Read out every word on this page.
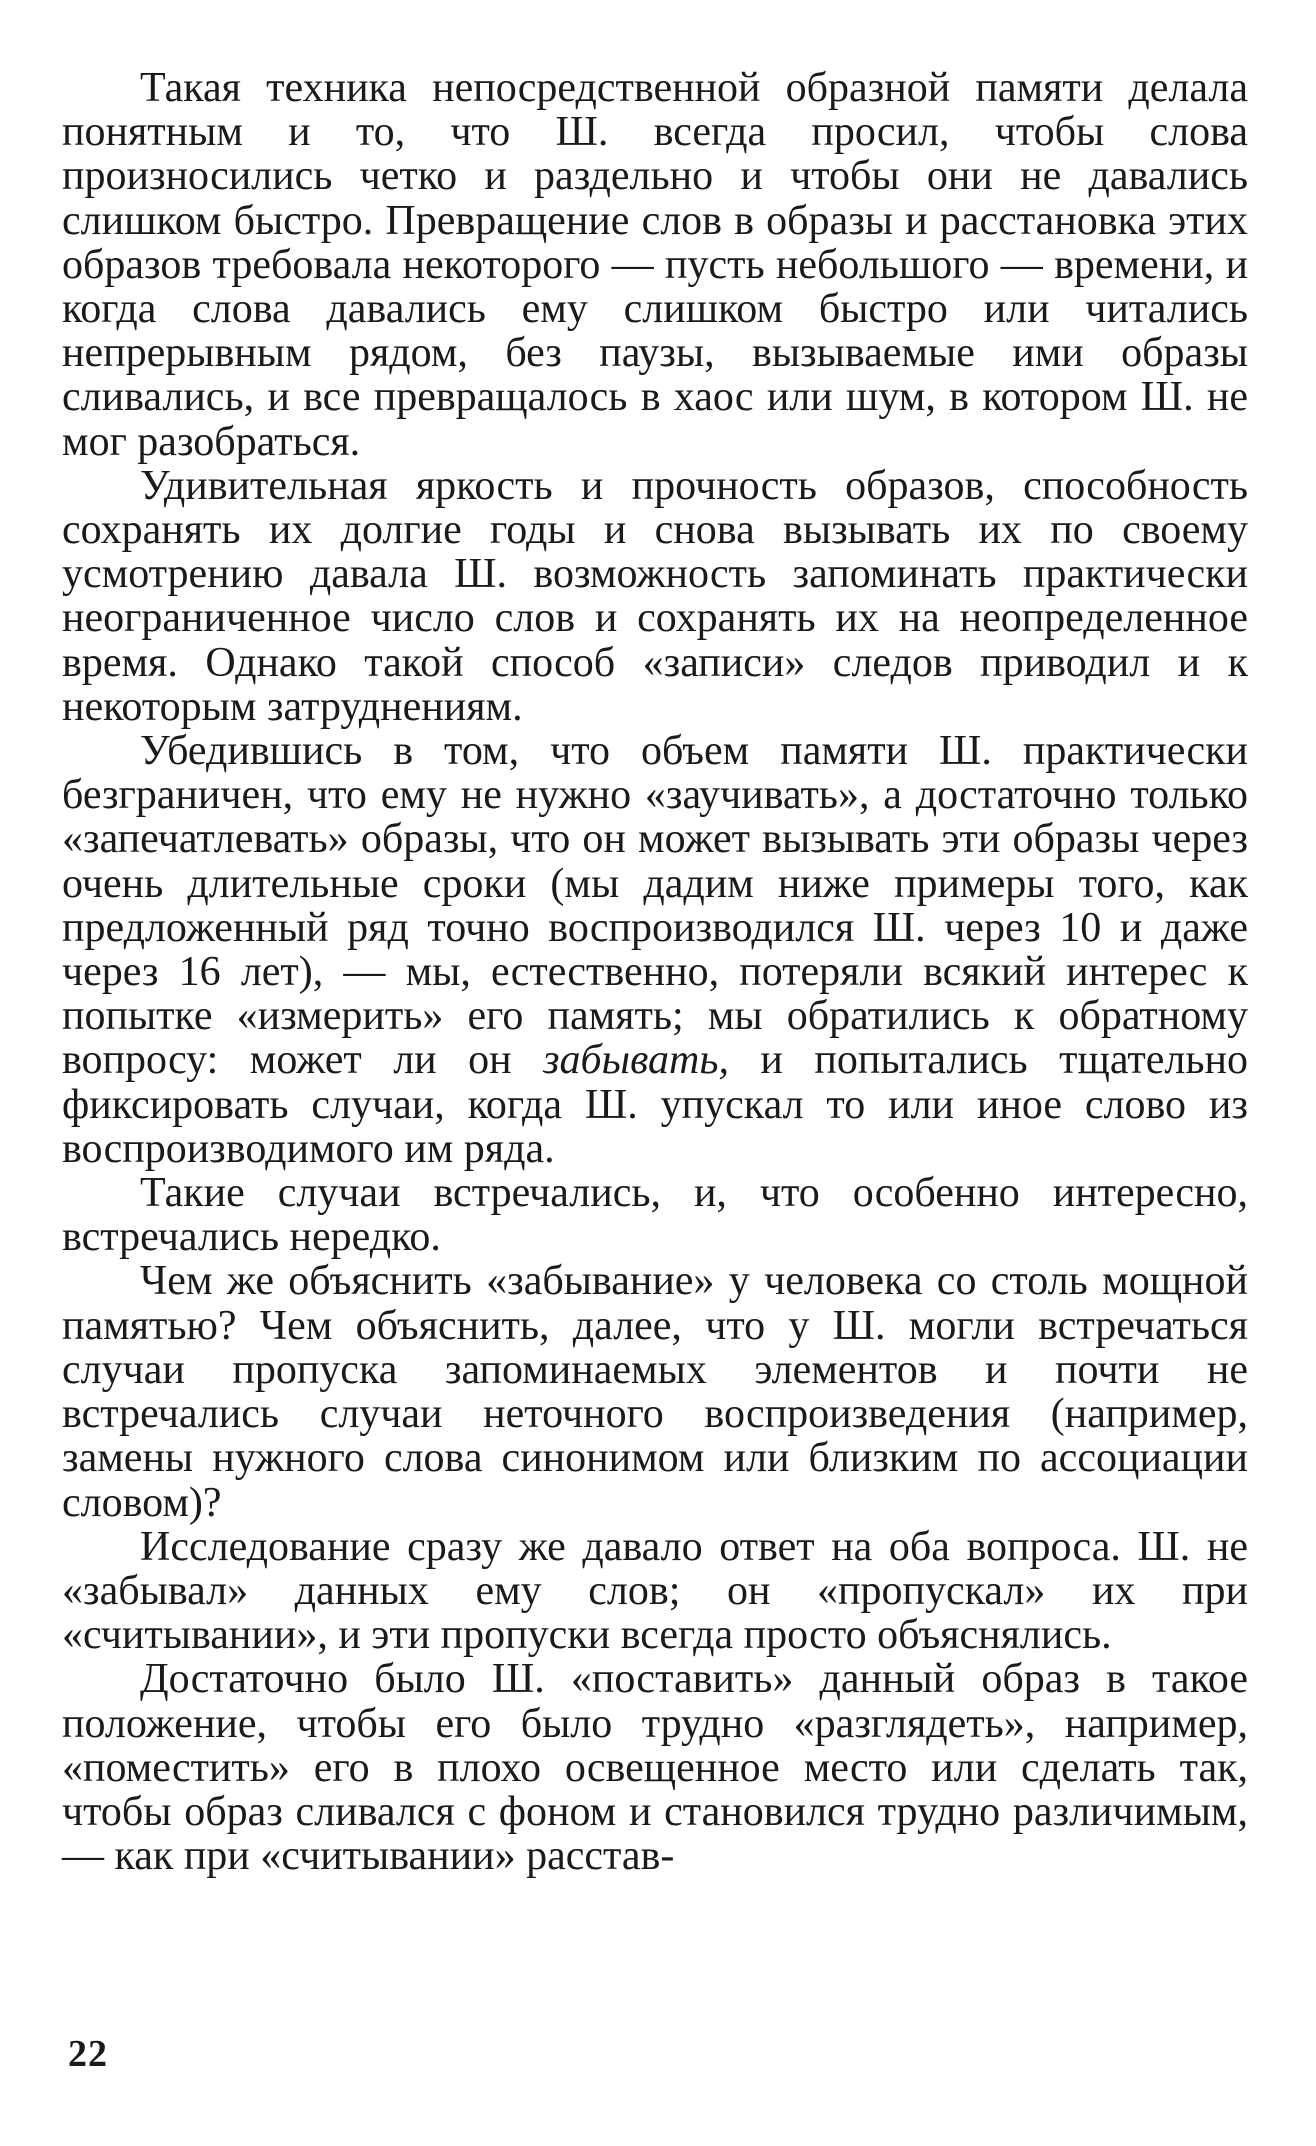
Такая техника непосредственной образной памяти делала понятным и то, что Ш. всегда просил, чтобы слова произносились четко и раздельно и чтобы они не давались слишком быстро. Превращение слов в образы и расстановка этих образов требовала некоторого — пусть небольшого — времени, и когда слова давались ему слишком быстро или читались непрерывным рядом, без паузы, вызываемые ими образы сливались, и все превращалось в хаос или шум, в котором Ш. не мог разобраться.

Удивительная яркость и прочность образов, способность сохранять их долгие годы и снова вызывать их по своему усмотрению давала Ш. возможность запоминать практически неограниченное число слов и сохранять их на неопределенное время. Однако такой способ «записи» следов приводил и к некоторым затруднениям.

Убедившись в том, что объем памяти Ш. практически безграничен, что ему не нужно «заучивать», а достаточно только «запечатлевать» образы, что он может вызывать эти образы через очень длительные сроки (мы дадим ниже примеры того, как предложенный ряд точно воспроизводился Ш. через 10 и даже через 16 лет), — мы, естественно, потеряли всякий интерес к попытке «измерить» его память; мы обратились к обратному вопросу: может ли он забывать, и попытались тщательно фиксировать случаи, когда Ш. упускал то или иное слово из воспроизводимого им ряда.

Такие случаи встречались, и, что особенно интересно, встречались нередко.

Чем же объяснить «забывание» у человека со столь мощной памятью? Чем объяснить, далее, что у Ш. могли встречаться случаи пропуска запоминаемых элементов и почти не встречались случаи неточного воспроизведения (например, замены нужного слова синонимом или близким по ассоциации словом)?

Исследование сразу же давало ответ на оба вопроса. Ш. не «забывал» данных ему слов; он «пропускал» их при «считывании», и эти пропуски всегда просто объяснялись.

Достаточно было Ш. «поставить» данный образ в такое положение, чтобы его было трудно «разглядеть», например, «поместить» его в плохо освещенное место или сделать так, чтобы образ сливался с фоном и становился трудно различимым, — как при «считывании» расстав-

22
